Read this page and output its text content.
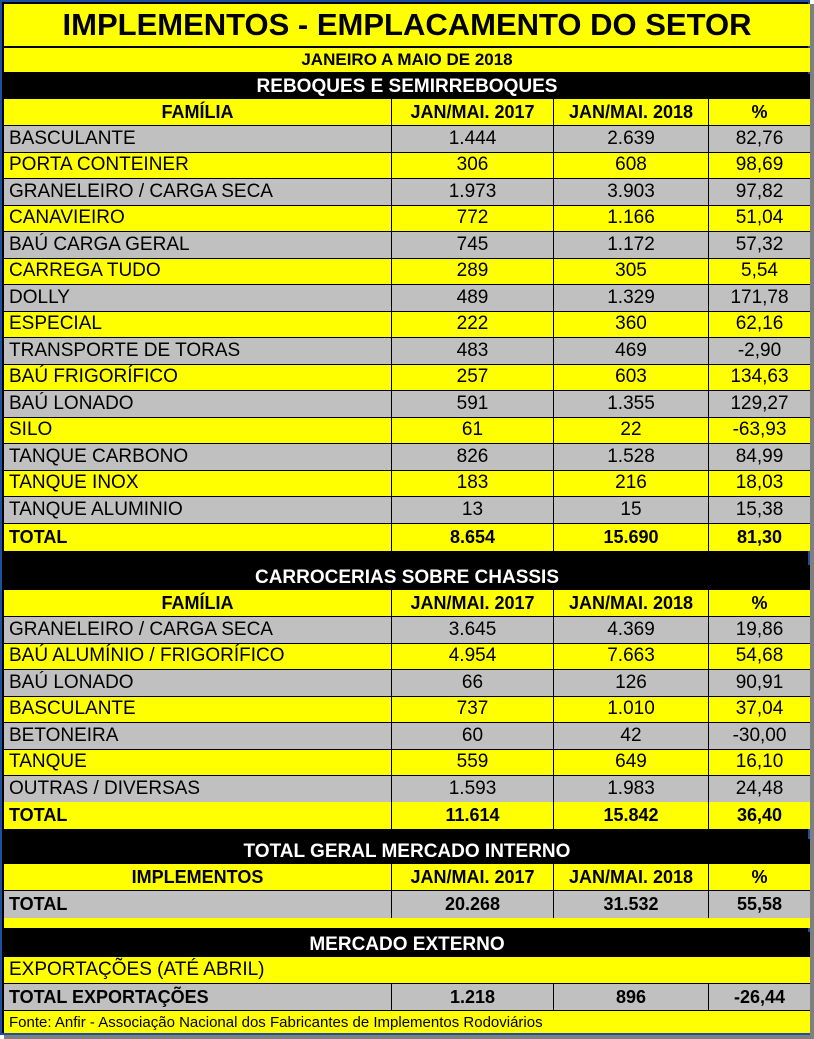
IMPLEMENTOS - EMPLACAMENTO DO SETOR
JANEIRO A MAIO DE 2018
REBOQUES E SEMIRREBOQUES
FAMÍLIA	JAN/MAI. 2017	JAN/MAI. 2018	%
BASCULANTE	1.444	2.639	82,76
PORTA CONTEINER	306	608	98,69
GRANELEIRO / CARGA SECA	1.973	3.903	97,82
CANAVIEIRO	772	1.166	51,04
BAÚ CARGA GERAL	745	1.172	57,32
CARREGA TUDO	289	305	5,54
DOLLY	489	1.329	171,78
ESPECIAL	222	360	62,16
TRANSPORTE DE TORAS	483	469	-2,90
BAÚ FRIGORÍFICO	257	603	134,63
BAÚ LONADO	591	1.355	129,27
SILO	61	22	-63,93
TANQUE CARBONO	826	1.528	84,99
TANQUE INOX	183	216	18,03
TANQUE ALUMINIO	13	15	15,38
TOTAL	8.654	15.690	81,30
CARROCERIAS SOBRE CHASSIS
FAMÍLIA	JAN/MAI. 2017	JAN/MAI. 2018	%
GRANELEIRO / CARGA SECA	3.645	4.369	19,86
BAÚ ALUMÍNIO / FRIGORÍFICO	4.954	7.663	54,68
BAÚ LONADO	66	126	90,91
BASCULANTE	737	1.010	37,04
BETONEIRA	60	42	-30,00
TANQUE	559	649	16,10
OUTRAS / DIVERSAS	1.593	1.983	24,48
TOTAL	11.614	15.842	36,40
TOTAL GERAL MERCADO INTERNO
IMPLEMENTOS	JAN/MAI. 2017	JAN/MAI. 2018	%
TOTAL	20.268	31.532	55,58
MERCADO EXTERNO
EXPORTAÇÕES (ATÉ ABRIL)
TOTAL EXPORTAÇÕES	1.218	896	-26,44
Fonte: Anfir - Associação Nacional dos Fabricantes de Implementos Rodoviários
